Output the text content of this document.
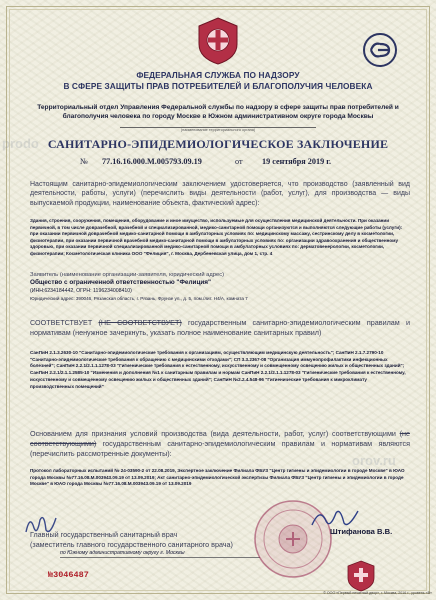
ФЕДЕРАЛЬНАЯ СЛУЖБА ПО НАДЗОРУ
В СФЕРЕ ЗАЩИТЫ ПРАВ ПОТРЕБИТЕЛЕЙ И БЛАГОПОЛУЧИЯ ЧЕЛОВЕКА
Территориальный отдел Управления Федеральной службы по надзору в сфере защиты прав потребителей и благополучия человека по городу Москве в Южном административном округе города Москвы
(наименование территориального органа)
prodo САНИТАРНО-ЭПИДЕМИОЛОГИЧЕСКОЕ ЗАКЛЮЧЕНИЕ
№ 77.16.16.000.М.005793.09.19	от 19 сентября 2019 г.
Настоящим санитарно-эпидемиологическим заключением удостоверяется, что производство (заявленный вид деятельности, работы, услуги) (перечислить виды деятельности (работ, услуг), для производства — виды выпускаемой продукции, наименование объекта, фактический адрес):
Здания, строения, сооружения, помещения, оборудование и иное имущество, используемые для осуществления медицинской деятельности. При оказании первичной, в том числе доврачебной, врачебной и специализированной, медико-санитарной помощи организуются и выполняются следующие работы (услуги): при оказании первичной доврачебной медико-санитарной помощи в амбулаторных условиях по: медицинскому массажу, сестринскому делу в косметологии, физиотерапии, при оказании первичной врачебной медико-санитарной помощи в амбулаторных условиях по: организации здравоохранения и общественному здоровью, при оказании первичной специализированной медико-санитарной помощи в амбулаторных условиях по: дерматовенерологии, косметологии, физиотерапии; Косметологическая клиника ООО "Фелиция", г. Москва, Дербеневская улица, дом 1, стр. 4
Заявитель (наименование организации-заявителя, юридический адрес)
Общество с ограниченной ответственностью "Фелиция"
(ИНН:6234184442, ОГРН: 1196234008410)
Юридический адрес: 390046, Рязанская область, г. Рязань, Фрунзе ул., д. 5, пом./лит. Н4/А, комната 7
СООТВЕТСТВУЕТ (НЕ СООТВЕТСТВУЕТ) государственным санитарно-эпидемиологическим правилам и нормативам (ненужное зачеркнуть, указать полное наименование санитарных правил)
СанПиН 2.1.3.2630-10 "Санитарно-эпидемиологические требования к организациям, осуществляющим медицинскую деятельность"; СанПиН 2.1.7.2790-10 "Санитарно-эпидемиологические требования к обращению с медицинскими отходами"; СП 3.3.2367-08 "Организация иммунопрофилактики инфекционных болезней"; СанПиН 2.2.1/2.1.1.1278-03 "Гигиенические требования к естественному, искусственному и совмещенному освещению жилых и общественных зданий"; СанПиН 2.2.1/2.1.1.2585-10 "Изменения и дополнения №1 к санитарным правилам и нормам СанПиН 2.2.1/2.1.1.1278-03 "Гигиенические требования к естественному, искусственному и совмещенному освещению жилых и общественных зданий"; СанПиН №2.2.4.548-96 "Гигиенические требования к микроклимату производственных помещений"
Основанием для признания условий производства (вида деятельности, работ, услуг) соответствующими (не соответствующими) государственным санитарно-эпидемиологическим правилам и нормативам являются (перечислить рассмотренные документы):
Протокол лабораторных испытаний № 24-03590-2 от 22.08.2019, Экспертное заключение Филиала ФБУЗ "Центр гигиены и эпидемиологии в городе Москве" в ЮАО города Москвы №77.16.08.М.003943.09.19 от 13.09.2019; Акт санитарно-эпидемиологической экспертизы Филиала ФБУЗ "Центр гигиены и эпидемиологии в городе Москве" в ЮАО города Москвы №77.16.08.М.003943.09.19 от 13.09.2019
orov.ru
Главный государственный санитарный врач
(заместитель главного государственного санитарного врача)
по Южному административному округу г. Москвы
Штифанова В.В.
№3046487
© ООО «Первый печатный двор», г. Москва, 2016 г., уровень «В»
